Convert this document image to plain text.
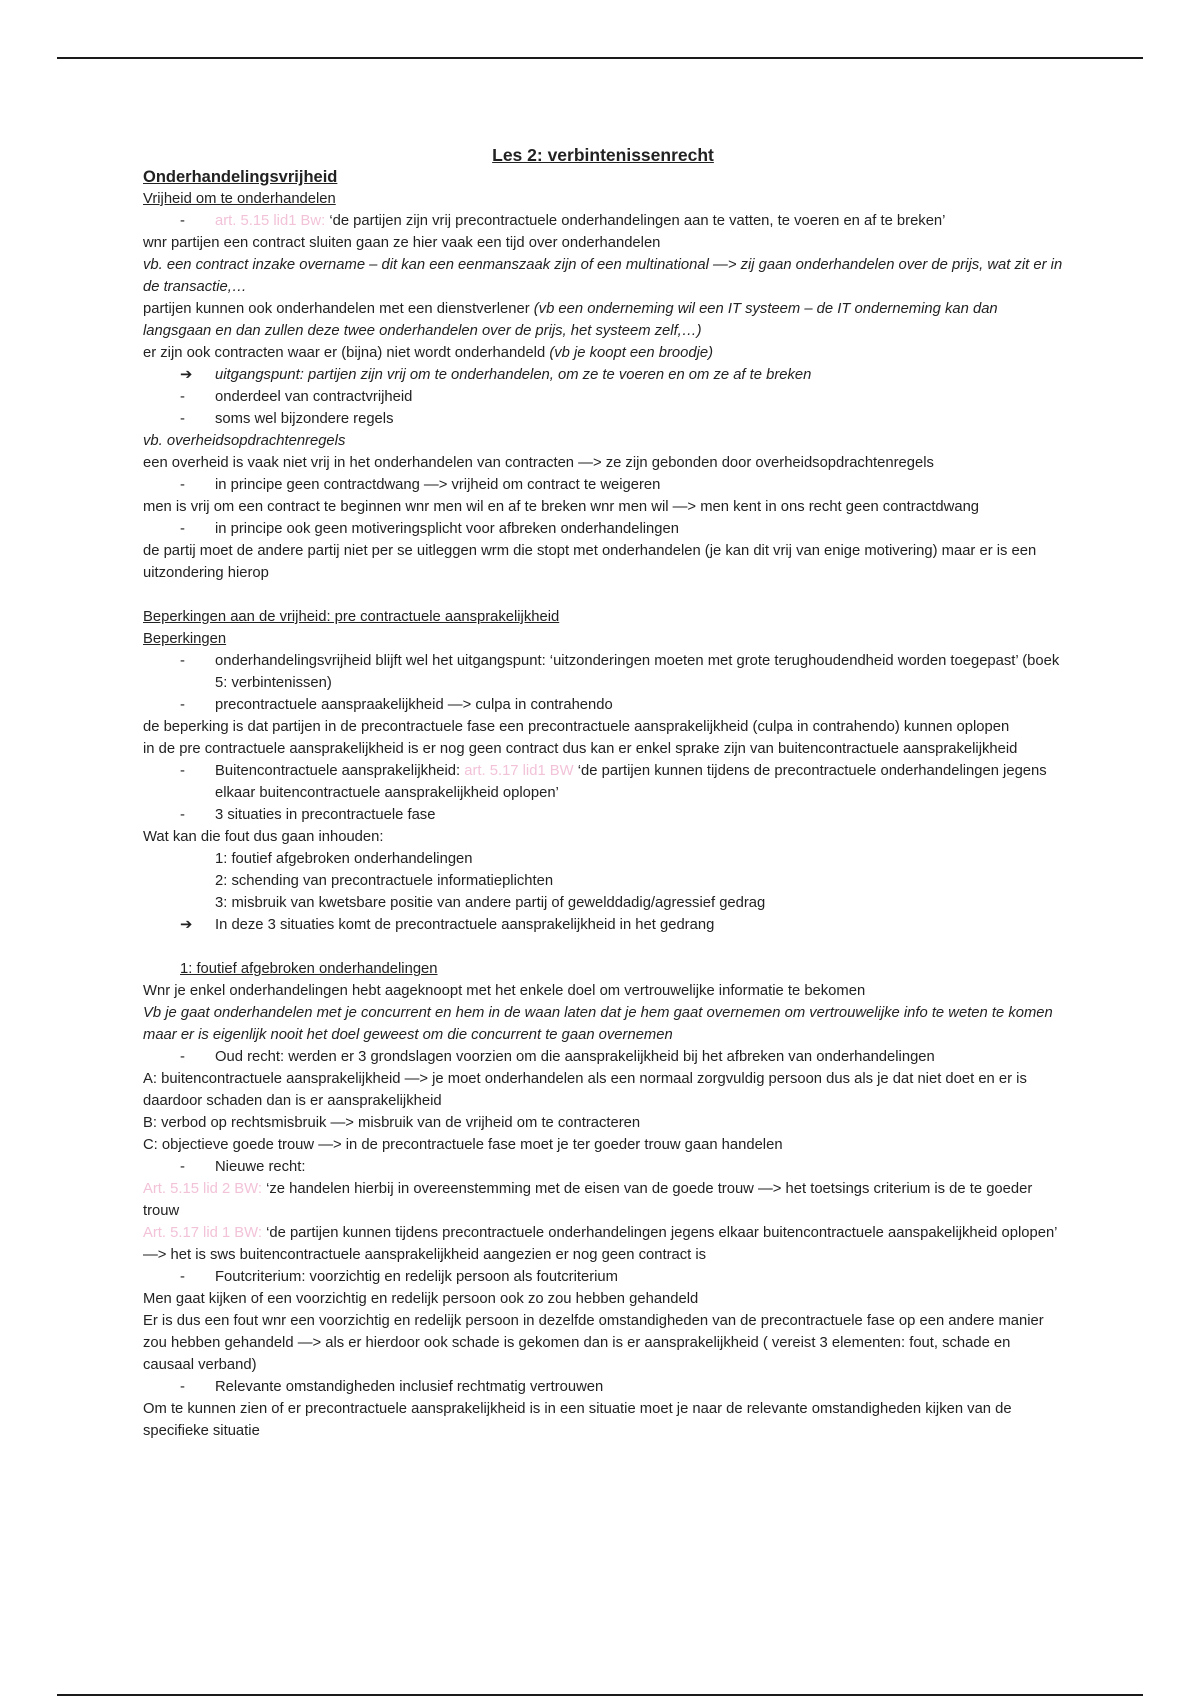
Les 2: verbintenissenrecht
Onderhandelingsvrijheid
Vrijheid om te onderhandelen
- art. 5.15 lid1 Bw: ‘de partijen zijn vrij precontractuele onderhandelingen aan te vatten, te voeren en af te breken’
wnr partijen een contract sluiten gaan ze hier vaak een tijd over onderhandelen
vb. een contract inzake overname – dit kan een eenmanszaak zijn of een multinational —> zij gaan onderhandelen over de prijs, wat zit er in de transactie,…
partijen kunnen ook onderhandelen met een dienstverlener (vb een onderneming wil een IT systeem – de IT onderneming kan dan langsgaan en dan zullen deze twee onderhandelen over de prijs, het systeem zelf,…)
er zijn ook contracten waar er (bijna) niet wordt onderhandeld (vb je koopt een broodje)
➔ uitgangspunt: partijen zijn vrij om te onderhandelen, om ze te voeren en om ze af te breken
- onderdeel van contractvrijheid
- soms wel bijzondere regels
vb. overheidsopdrachtenregels
een overheid is vaak niet vrij in het onderhandelen van contracten —> ze zijn gebonden door overheidsopdrachtenregels
- in principe geen contractdwang —> vrijheid om contract te weigeren
men is vrij om een contract te beginnen wnr men wil en af te breken wnr men wil —> men kent in ons recht geen contractdwang
- in principe ook geen motiveringsplicht voor afbreken onderhandelingen
de partij moet de andere partij niet per se uitleggen wrm die stopt met onderhandelen (je kan dit vrij van enige motivering) maar er is een uitzondering hierop
Beperkingen aan de vrijheid: pre contractuele aansprakelijkheid
Beperkingen
- onderhandelingsvrijheid blijft wel het uitgangspunt: ‘uitzonderingen moeten met grote terughoudendheid worden toegepast’ (boek 5: verbintenissen)
- precontractuele aanspraakelijkheid —> culpa in contrahendo
de beperking is dat partijen in de precontractuele fase een precontractuele aansprakelijkheid (culpa in contrahendo) kunnen oplopen
in de pre contractuele aansprakelijkheid is er nog geen contract dus kan er enkel sprake zijn van buitencontractuele aansprakelijkheid
- Buitencontractuele aansprakelijkheid: art. 5.17 lid1 BW ‘de partijen kunnen tijdens de precontractuele onderhandelingen jegens elkaar buitencontractuele aansprakelijkheid oplopen’
- 3 situaties in precontractuele fase
Wat kan die fout dus gaan inhouden:
1: foutief afgebroken onderhandelingen
2: schending van precontractuele informatieplichten
3: misbruik van kwetsbare positie van andere partij of gewelddadig/agressief gedrag
➔ In deze 3 situaties komt de precontractuele aansprakelijkheid in het gedrang
1: foutief afgebroken onderhandelingen
Wnr je enkel onderhandelingen hebt aageknoopt met het enkele doel om vertrouwelijke informatie te bekomen
Vb je gaat onderhandelen met je concurrent en hem in de waan laten dat je hem gaat overnemen om vertrouwelijke info te weten te komen maar er is eigenlijk nooit het doel geweest om die concurrent te gaan overnemen
- Oud recht: werden er 3 grondslagen voorzien om die aansprakelijkheid bij het afbreken van onderhandelingen
A: buitencontractuele aansprakelijkheid —> je moet onderhandelen als een normaal zorgvuldig persoon dus als je dat niet doet en er is daardoor schaden dan is er aansprakelijkheid
B: verbod op rechtsmisbruik —> misbruik van de vrijheid om te contracteren
C: objectieve goede trouw —> in de precontractuele fase moet je ter goeder trouw gaan handelen
- Nieuwe recht:
Art. 5.15 lid 2 BW: ‘ze handelen hierbij in overeenstemming met de eisen van de goede trouw —> het toetsings criterium is de te goeder trouw
Art. 5.17 lid 1 BW: ‘de partijen kunnen tijdens precontractuele onderhandelingen jegens elkaar buitencontractuele aanspakelijkheid oplopen’ —> het is sws buitencontractuele aansprakelijkheid aangezien er nog geen contract is
- Foutcriterium: voorzichtig en redelijk persoon als foutcriterium
Men gaat kijken of een voorzichtig en redelijk persoon ook zo zou hebben gehandeld
Er is dus een fout wnr een voorzichtig en redelijk persoon in dezelfde omstandigheden van de precontractuele fase op een andere manier zou hebben gehandeld —> als er hierdoor ook schade is gekomen dan is er aansprakelijkheid ( vereist 3 elementen: fout, schade en causaal verband)
- Relevante omstandigheden inclusief rechtmatig vertrouwen
Om te kunnen zien of er precontractuele aansprakelijkheid is in een situatie moet je naar de relevante omstandigheden kijken van de specifieke situatie
